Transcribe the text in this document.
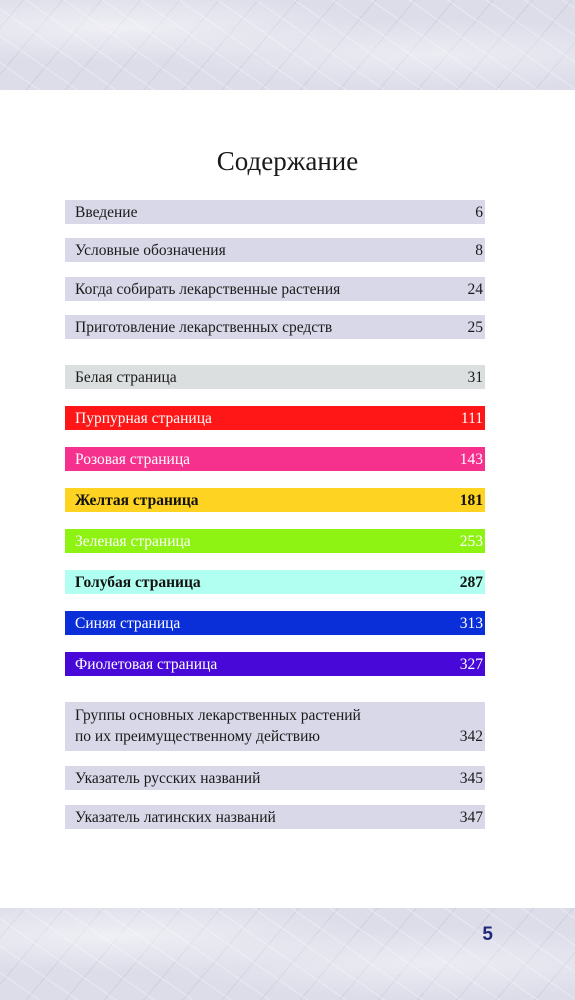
Содержание
Введение	6
Условные обозначения	8
Когда собирать лекарственные растения	24
Приготовление лекарственных средств	25
Белая страница	31
Пурпурная страница	111
Розовая страница	143
Желтая страница	181
Зеленая страница	253
Голубая страница	287
Синяя страница	313
Фиолетовая страница	327
Группы основных лекарственных растений
по их преимущественному действию	342
Указатель русских названий	345
Указатель латинских названий	347
5
